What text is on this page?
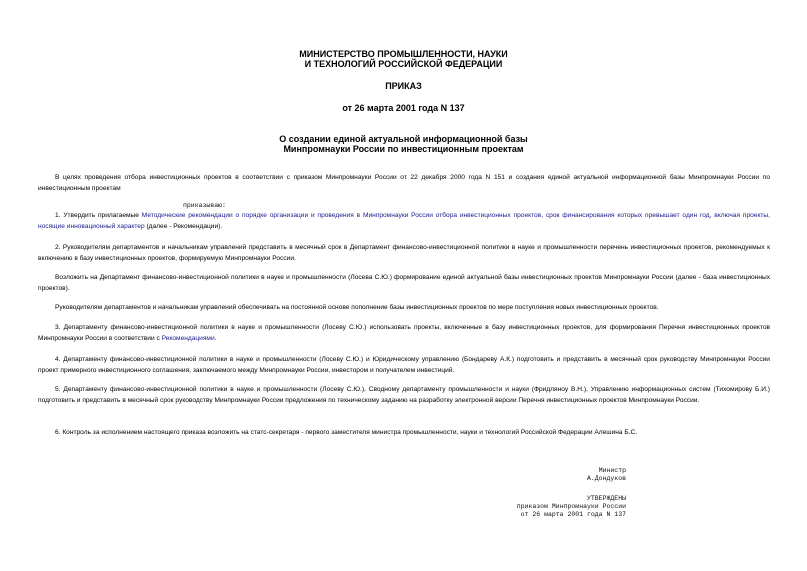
МИНИСТЕРСТВО ПРОМЫШЛЕННОСТИ, НАУКИ
И ТЕХНОЛОГИЙ РОССИЙСКОЙ ФЕДЕРАЦИИ
ПРИКАЗ
от 26 марта 2001 года N 137
О создании единой актуальной информационной базы
Минпромнауки России по инвестиционным проектам
В целях проведения отбора инвестиционных проектов в соответствии с приказом Минпромнауки России от 22 декабря 2000 года N 151 и создания единой актуальной информационной базы Минпромнауки России по инвестиционным проектам
приказываю:
1. Утвердить прилагаемые Методические рекомендации о порядке организации и проведения в Минпромнауки России отбора инвестиционных проектов, срок финансирования которых превышает один год, включая проекты, носящие инновационный характер (далее - Рекомендации).
2. Руководителям департаментов и начальникам управлений представить в месячный срок в Департамент финансово-инвестиционной политики в науке и промышленности перечень инвестиционных проектов, рекомендуемых к включению в базу инвестиционных проектов, формируемую Минпромнауки России.
Возложить на Департамент финансово-инвестиционной политики в науке и промышленности (Лосева С.Ю.) формирование единой актуальной базы инвестиционных проектов Минпромнауки России (далее - база инвестиционных проектов).
Руководителям департаментов и начальникам управлений обеспечивать на постоянной основе пополнение базы инвестиционных проектов по мере поступления новых инвестиционных проектов.
3. Департаменту финансово-инвестиционной политики в науке и промышленности (Лосеву С.Ю.) использовать проекты, включенные в базу инвестиционных проектов, для формирования Перечня инвестиционных проектов Минпромнауки России в соответствии с Рекомендациями.
4. Департаменту финансово-инвестиционной политики в науке и промышленности (Лосеву С.Ю.) и Юридическому управлению (Бондареву А.К.) подготовить и представить в месячный срок руководству Минпромнауки России проект примерного инвестиционного соглашения, заключаемого между Минпромнауки России, инвестором и получателем инвестиций.
5. Департаменту финансово-инвестиционной политики в науке и промышленности (Лосеву С.Ю.), Сводному департаменту промышленности и науки (Фридляноу В.Н.), Управлению информационных систем (Тихомирову Б.И.) подготовить и представить в месячный срок руководству Минпромнауки России предложения по техническому заданию на разработку электронной версии Перечня инвестиционных проектов Минпромнауки России.
6. Контроль за исполнением настоящего приказа возложить на статс-секретаря - первого заместителя министра промышленности, науки и технологий Российской Федерации Алешина Б.С.
Министр
А.Дондуков
УТВЕРЖДЕНЫ
приказом Минпромнауки России
от 26 марта 2001 года N 137
